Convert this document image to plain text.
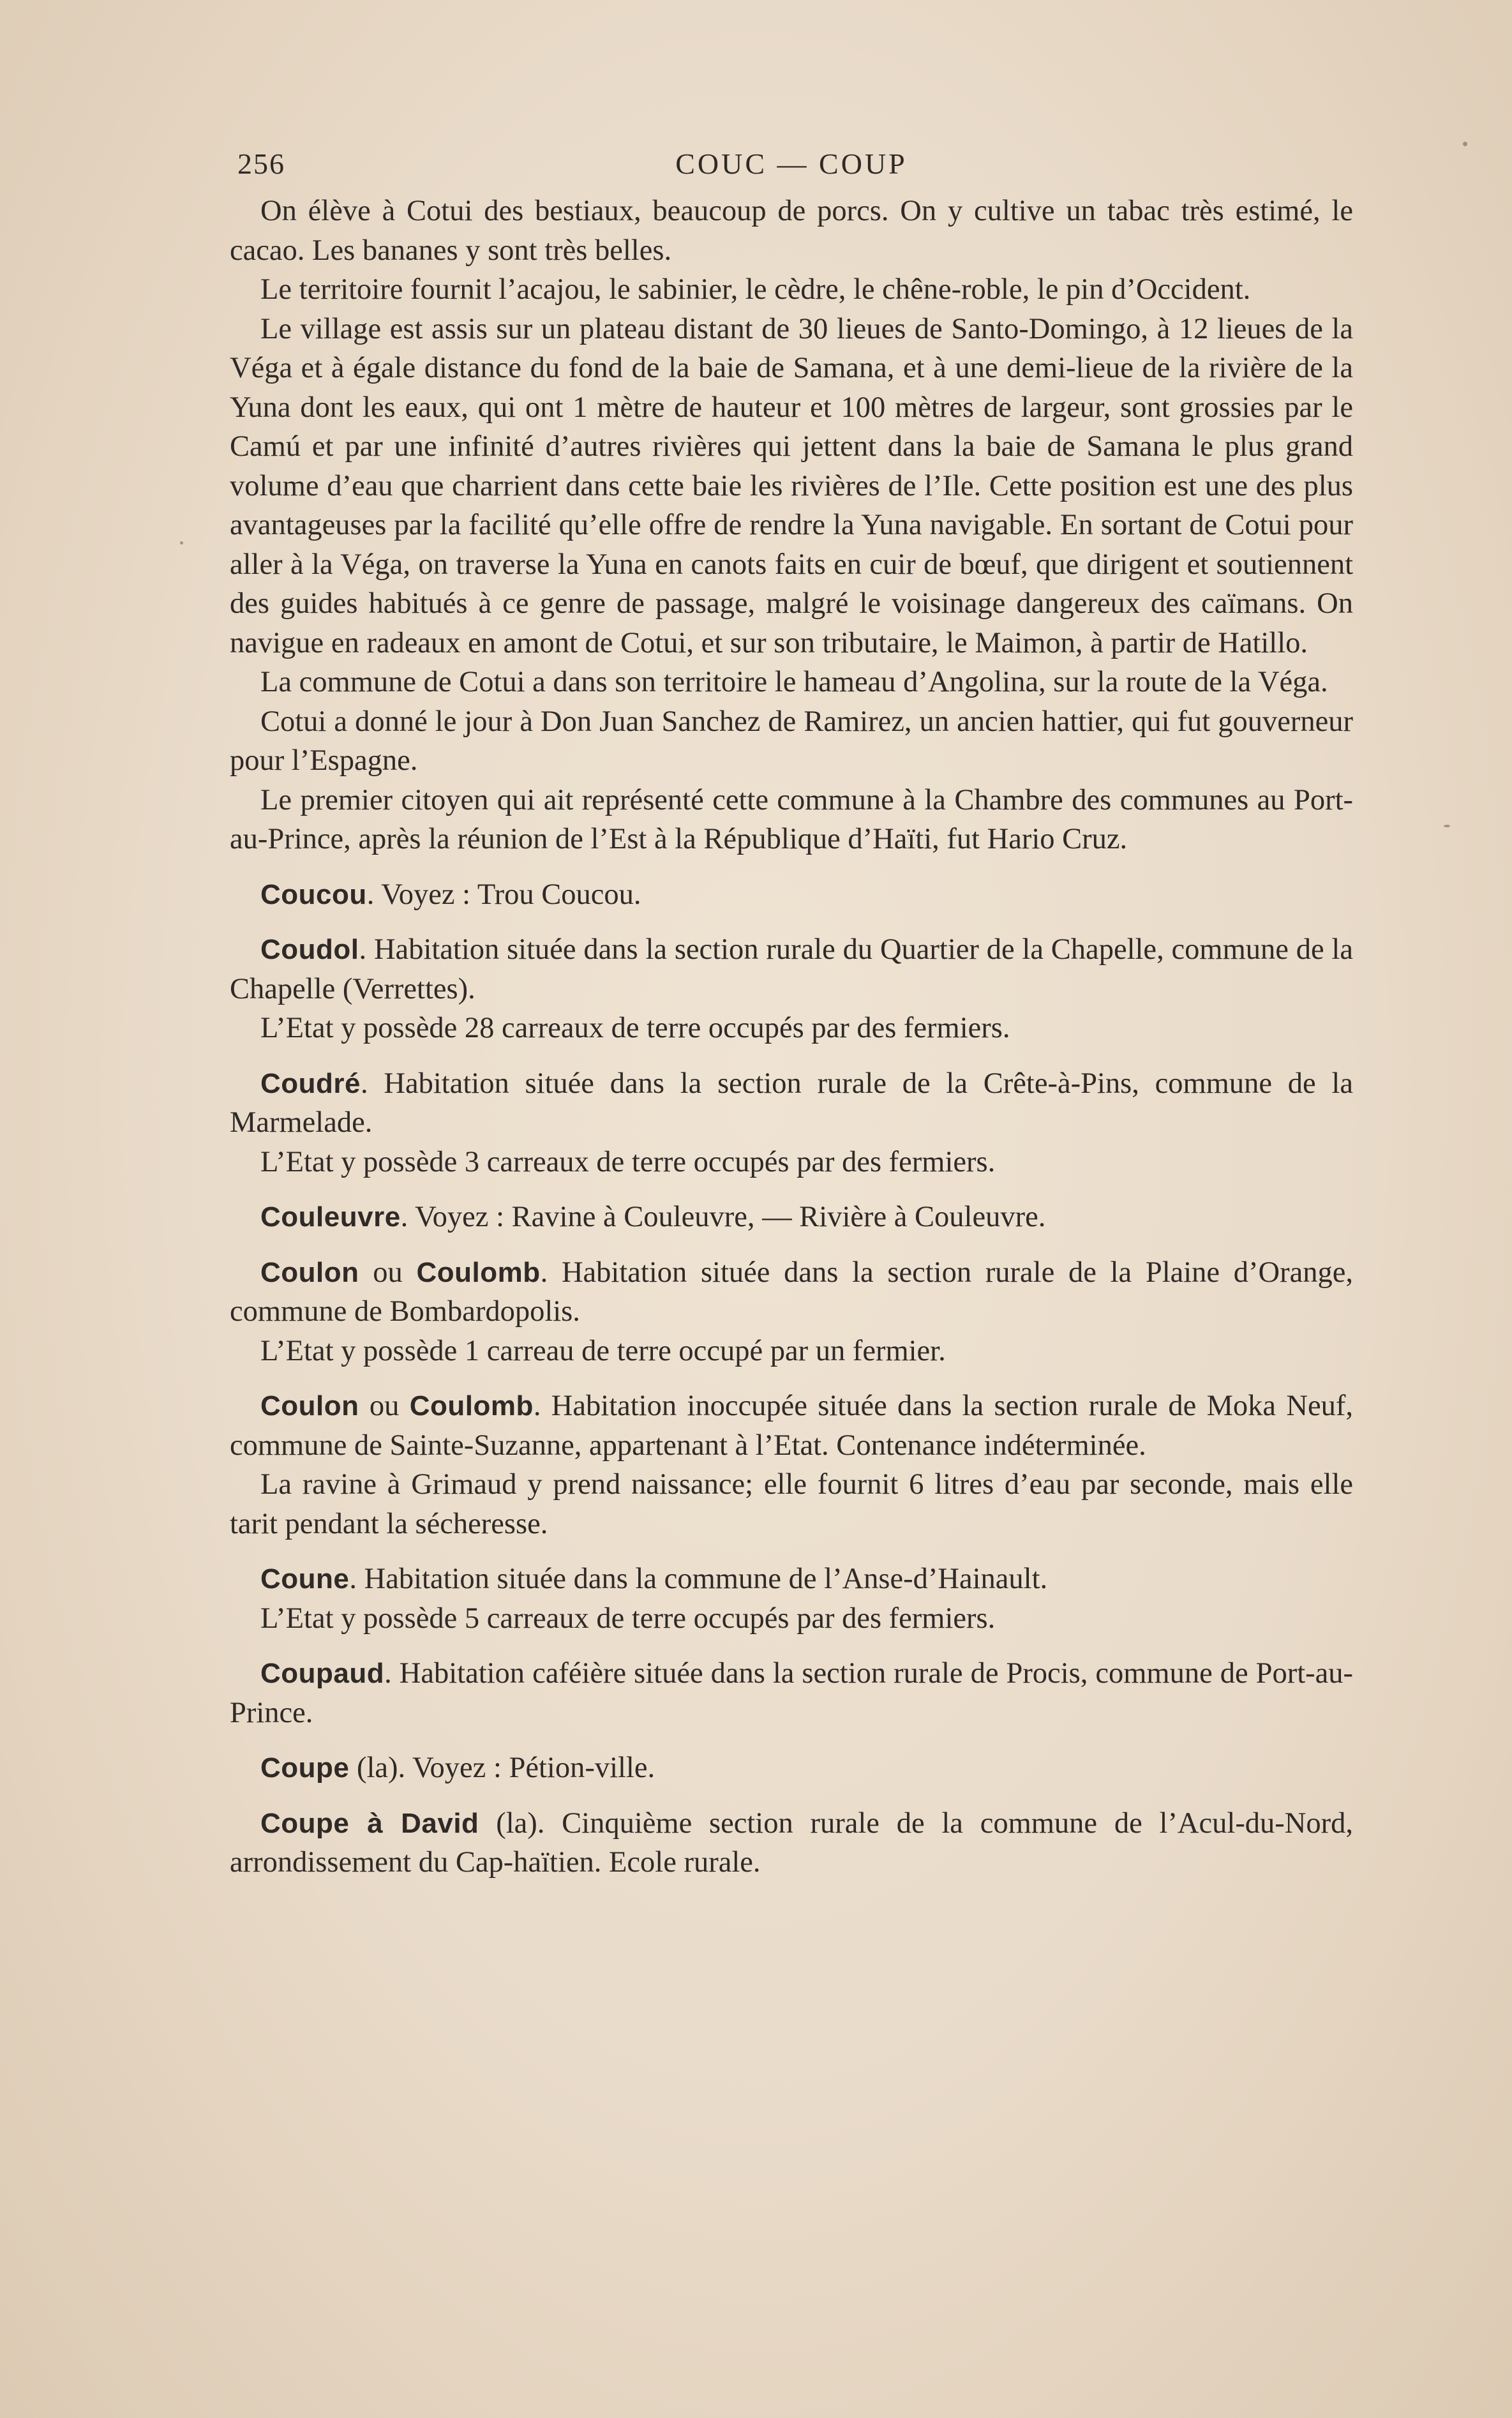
256	COUC — COUP

On élève à Cotui des bestiaux, beaucoup de porcs. On y cultive un tabac très estimé, le cacao. Les bananes y sont très belles.

Le territoire fournit l’acajou, le sabinier, le cèdre, le chêne-roble, le pin d’Occident.

Le village est assis sur un plateau distant de 30 lieues de Santo-Domingo, à 12 lieues de la Véga et à égale distance du fond de la baie de Samana, et à une demi-lieue de la rivière de la Yuna dont les eaux, qui ont 1 mètre de hauteur et 100 mètres de largeur, sont grossies par le Camú et par une infinité d’autres rivières qui jettent dans la baie de Samana le plus grand volume d’eau que charrient dans cette baie les rivières de l’Ile. Cette position est une des plus avantageuses par la facilité qu’elle offre de rendre la Yuna navigable. En sortant de Cotui pour aller à la Véga, on traverse la Yuna en canots faits en cuir de bœuf, que dirigent et soutiennent des guides habitués à ce genre de passage, malgré le voisinage dangereux des caïmans. On navigue en radeaux en amont de Cotui, et sur son tributaire, le Maimon, à partir de Hatillo.

La commune de Cotui a dans son territoire le hameau d’Angolina, sur la route de la Véga.

Cotui a donné le jour à Don Juan Sanchez de Ramirez, un ancien hattier, qui fut gouverneur pour l’Espagne.

Le premier citoyen qui ait représenté cette commune à la Chambre des communes au Port-au-Prince, après la réunion de l’Est à la République d’Haïti, fut Hario Cruz.

Coucou. Voyez : Trou Coucou.

Coudol. Habitation située dans la section rurale du Quartier de la Chapelle, commune de la Chapelle (Verrettes).

L’Etat y possède 28 carreaux de terre occupés par des fermiers.

Coudré. Habitation située dans la section rurale de la Crête-à-Pins, commune de la Marmelade.

L’Etat y possède 3 carreaux de terre occupés par des fermiers.

Couleuvre. Voyez : Ravine à Couleuvre, — Rivière à Couleuvre.

Coulon ou Coulomb. Habitation située dans la section rurale de la Plaine d’Orange, commune de Bombardopolis.

L’Etat y possède 1 carreau de terre occupé par un fermier.

Coulon ou Coulomb. Habitation inoccupée située dans la section rurale de Moka Neuf, commune de Sainte-Suzanne, appartenant à l’Etat. Contenance indéterminée.

La ravine à Grimaud y prend naissance; elle fournit 6 litres d’eau par seconde, mais elle tarit pendant la sécheresse.

Coune. Habitation située dans la commune de l’Anse-d’Hainault.

L’Etat y possède 5 carreaux de terre occupés par des fermiers.

Coupaud. Habitation caféière située dans la section rurale de Procis, commune de Port-au-Prince.

Coupe (la). Voyez : Pétion-ville.

Coupe à David (la). Cinquième section rurale de la commune de l’Acul-du-Nord, arrondissement du Cap-haïtien. Ecole rurale.
